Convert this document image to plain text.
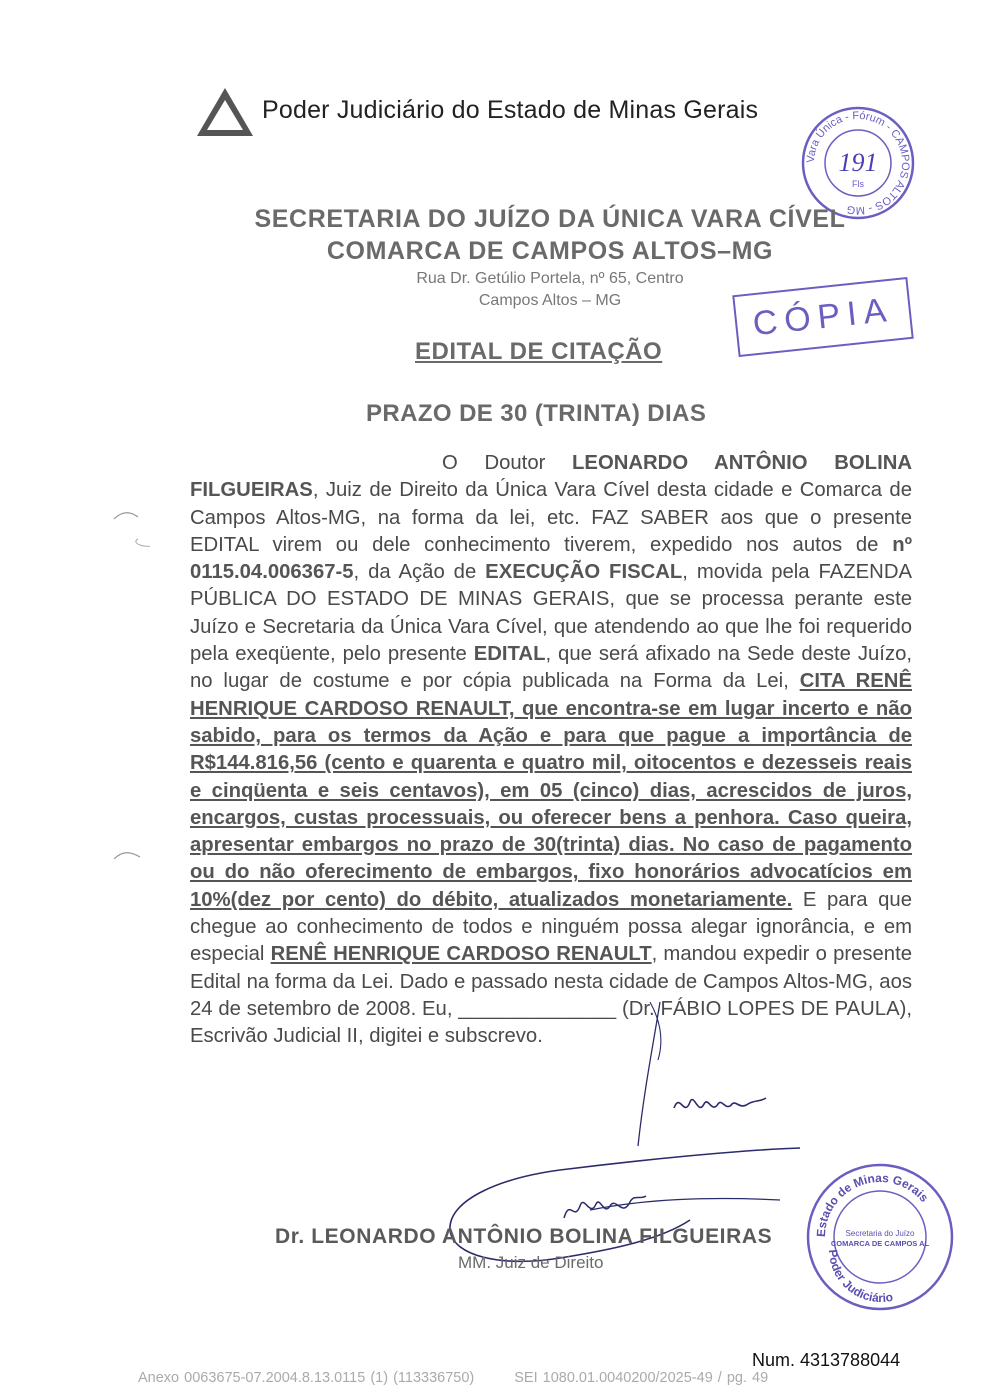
Poder Judiciário do Estado de Minas Gerais
Vara Única - Fórum - CAMPOS ALTOS - MG
191
Fls
SECRETARIA DO JUÍZO DA ÚNICA VARA CÍVEL
COMARCA DE CAMPOS ALTOS–MG
Rua Dr. Getúlio Portela, nº 65, Centro
Campos Altos – MG	CÓPIA
EDITAL DE CITAÇÃO
PRAZO DE 30 (TRINTA) DIAS
O Doutor LEONARDO ANTÔNIO BOLINA FILGUEIRAS, Juiz de Direito da Única Vara Cível desta cidade e Comarca de Campos Altos-MG, na forma da lei, etc. FAZ SABER aos que o presente EDITAL virem ou dele conhecimento tiverem, expedido nos autos de nº 0115.04.006367-5, da Ação de EXECUÇÃO FISCAL, movida pela FAZENDA PÚBLICA DO ESTADO DE MINAS GERAIS, que se processa perante este Juízo e Secretaria da Única Vara Cível, que atendendo ao que lhe foi requerido pela exeqüente, pelo presente EDITAL, que será afixado na Sede deste Juízo, no lugar de costume e por cópia publicada na Forma da Lei, CITA RENÊ HENRIQUE CARDOSO RENAULT, que encontra-se em lugar incerto e não sabido, para os termos da Ação e para que pague a importância de R$144.816,56 (cento e quarenta e quatro mil, oitocentos e dezesseis reais e cinqüenta e seis centavos), em 05 (cinco) dias, acrescidos de juros, encargos, custas processuais, ou oferecer bens a penhora. Caso queira, apresentar embargos no prazo de 30(trinta) dias. No caso de pagamento ou do não oferecimento de embargos, fixo honorários advocatícios em 10%(dez por cento) do débito, atualizados monetariamente. E para que chegue ao conhecimento de todos e ninguém possa alegar ignorância, e em especial RENÊ HENRIQUE CARDOSO RENAULT, mandou expedir o presente Edital na forma da Lei. Dado e passado nesta cidade de Campos Altos-MG, aos 24 de setembro de 2008. Eu, ______________ (Dr. FÁBIO LOPES DE PAULA), Escrivão Judicial II, digitei e subscrevo.
Dr. LEONARDO ANTÔNIO BOLINA FILGUEIRAS
MM. Juiz de Direito
Estado de Minas Gerais
Poder Judiciário
Secretaria do Juízo
COMARCA DE CAMPOS AL
Num. 4313788044
Anexo 0063675-07.2004.8.13.0115 (1) (113336750)	SEI 1080.01.0040200/2025-49 / pg. 49
